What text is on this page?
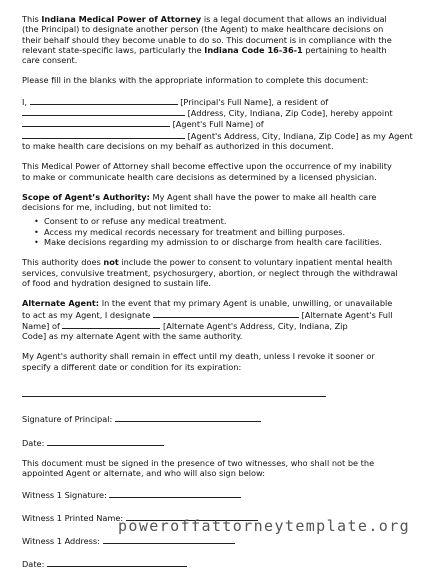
This Indiana Medical Power of Attorney is a legal document that allows an individual (the Principal) to designate another person (the Agent) to make healthcare decisions on their behalf should they become unable to do so. This document is in compliance with the relevant state-specific laws, particularly the Indiana Code 16-36-1 pertaining to health care consent.

Please fill in the blanks with the appropriate information to complete this document:

I,	[Principal's Full Name], a resident of
[Address, City, Indiana, Zip Code], hereby appoint
[Agent's Full Name] of
[Agent's Address, City, Indiana, Zip Code] as my Agent
to make health care decisions on my behalf as authorized in this document.

This Medical Power of Attorney shall become effective upon the occurrence of my inability to make or communicate health care decisions as determined by a licensed physician.

Scope of Agent’s Authority: My Agent shall have the power to make all health care decisions for me, including, but not limited to:

• Consent to or refuse any medical treatment.
• Access my medical records necessary for treatment and billing purposes.
• Make decisions regarding my admission to or discharge from health care facilities.

This authority does not include the power to consent to voluntary inpatient mental health services, convulsive treatment, psychosurgery, abortion, or neglect through the withdrawal of food and hydration designed to sustain life.

Alternate Agent: In the event that my primary Agent is unable, unwilling, or unavailable
to act as my Agent, I designate	[Alternate Agent's Full
Name] of	[Alternate Agent's Address, City, Indiana, Zip
Code] as my alternate Agent with the same authority.

My Agent's authority shall remain in effect until my death, unless I revoke it sooner or specify a different date or condition for its expiration:

Signature of Principal:
Date:

This document must be signed in the presence of two witnesses, who shall not be the appointed Agent or alternate, and who will also sign below:

Witness 1 Signature:
Witness 1 Printed Name:
Witness 1 Address:
Date:
poweroffattorneytemplate.org
